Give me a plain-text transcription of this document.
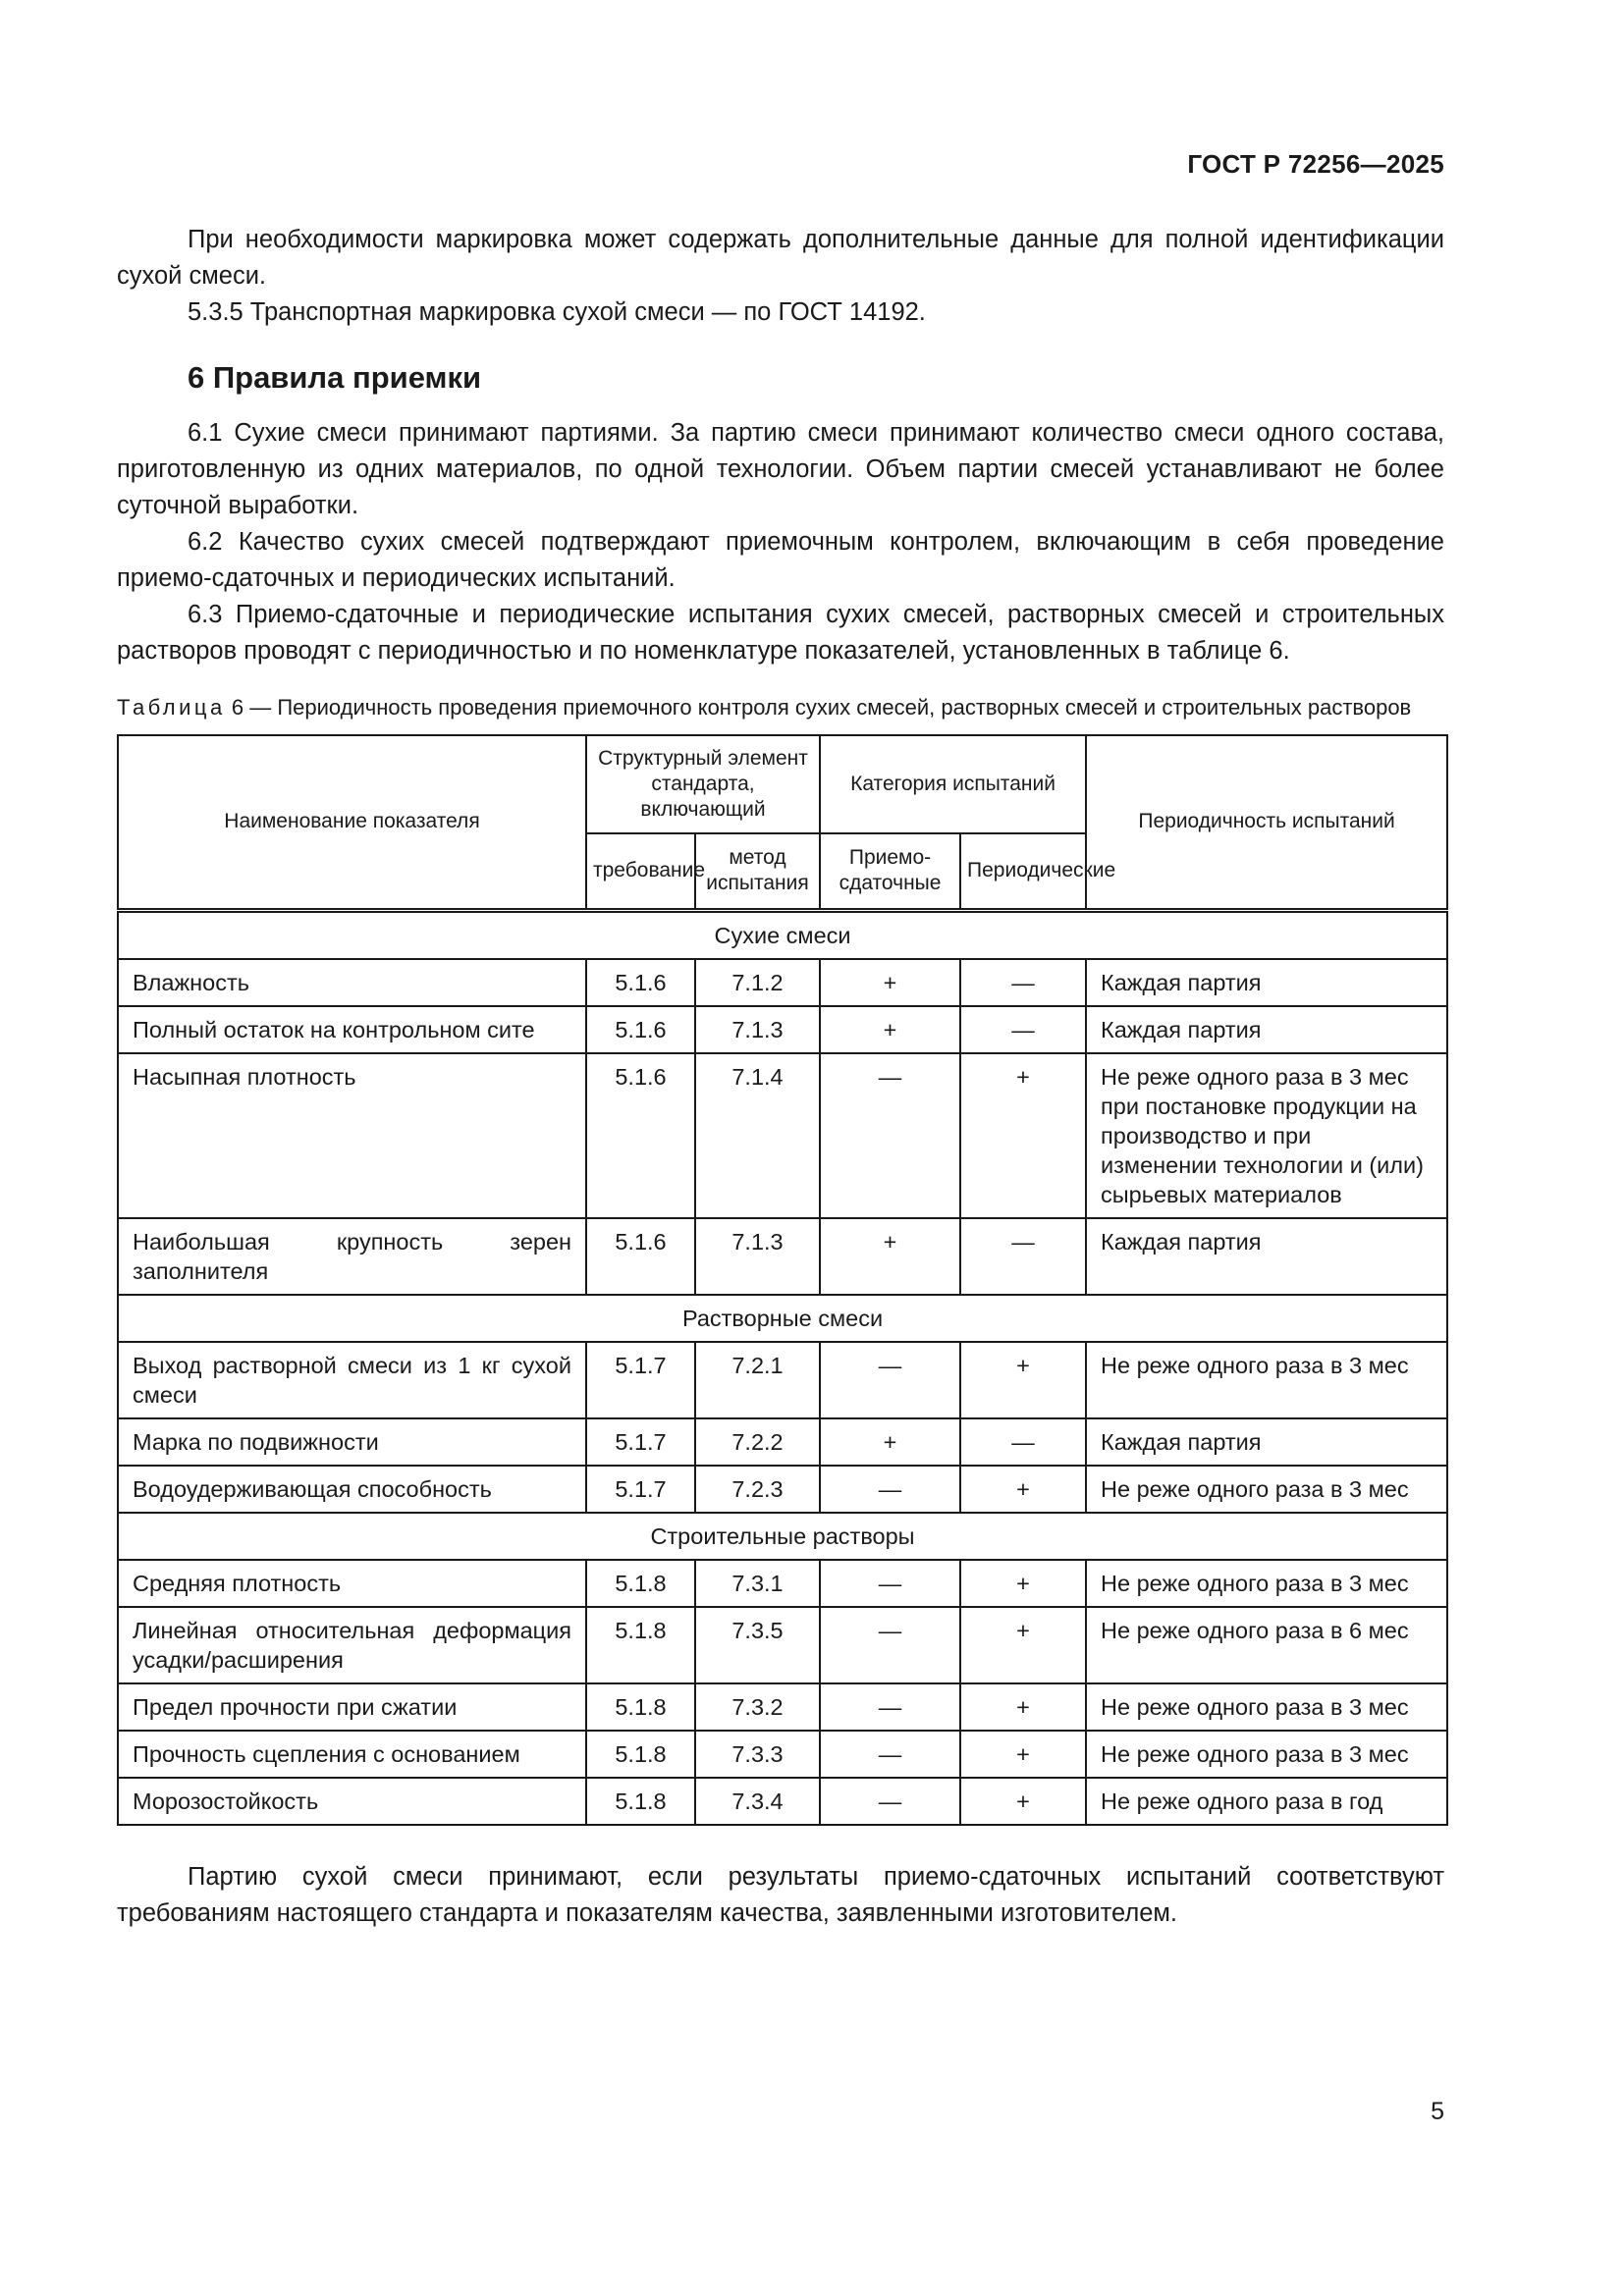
ГОСТ Р 72256—2025

При необходимости маркировка может содержать дополнительные данные для полной идентификации сухой смеси.

5.3.5 Транспортная маркировка сухой смеси — по ГОСТ 14192.

6 Правила приемки

6.1 Сухие смеси принимают партиями. За партию смеси принимают количество смеси одного состава, приготовленную из одних материалов, по одной технологии. Объем партии смесей устанавливают не более суточной выработки.

6.2 Качество сухих смесей подтверждают приемочным контролем, включающим в себя проведение приемо-сдаточных и периодических испытаний.

6.3 Приемо-сдаточные и периодические испытания сухих смесей, растворных смесей и строительных растворов проводят с периодичностью и по номенклатуре показателей, установленных в таблице 6.

Таблица 6 — Периодичность проведения приемочного контроля сухих смесей, растворных смесей и строительных растворов
Наименование показателя	Структурный элемент стандарта, включающий		Категория испытаний		Периодичность испытаний
	требование	метод испытания	Приемо-сдаточные	Периодические	
Сухие смеси					
Влажность	5.1.6	7.1.2	+	—	Каждая партия
Полный остаток на контрольном сите	5.1.6	7.1.3	+	—	Каждая партия
Насыпная плотность	5.1.6	7.1.4	—	+	Не реже одного раза в 3 мес при постановке продукции на производство и при изменении технологии и (или) сырьевых материалов
Наибольшая крупность зерен заполнителя	5.1.6	7.1.3	+	—	Каждая партия
Растворные смеси					
Выход растворной смеси из 1 кг сухой смеси	5.1.7	7.2.1	—	+	Не реже одного раза в 3 мес
Марка по подвижности	5.1.7	7.2.2	+	—	Каждая партия
Водоудерживающая способность	5.1.7	7.2.3	—	+	Не реже одного раза в 3 мес
Строительные растворы					
Средняя плотность	5.1.8	7.3.1	—	+	Не реже одного раза в 3 мес
Линейная относительная деформация усадки/расширения	5.1.8	7.3.5	—	+	Не реже одного раза в 6 мес
Предел прочности при сжатии	5.1.8	7.3.2	—	+	Не реже одного раза в 3 мес
Прочность сцепления с основанием	5.1.8	7.3.3	—	+	Не реже одного раза в 3 мес
Морозостойкость	5.1.8	7.3.4	—	+	Не реже одного раза в год

Партию сухой смеси принимают, если результаты приемо-сдаточных испытаний соответствуют требованиям настоящего стандарта и показателям качества, заявленными изготовителем.

5
